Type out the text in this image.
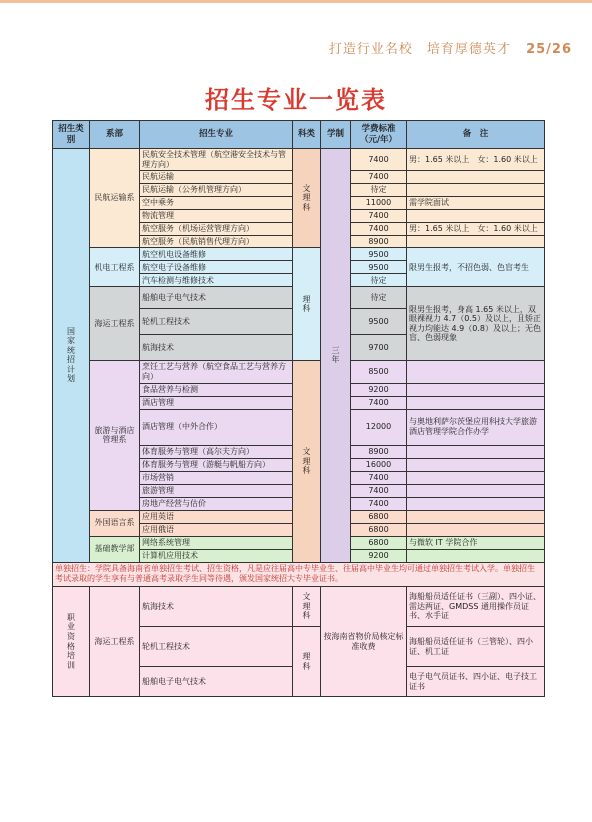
打造行业名校　培育厚德英才 25/26
招生专业一览表
招生类别	系部	招生专业	科类	学制	学费标准（元/年）	备　注
国家统招计划	民航运输系	民航安全技术管理（航空港安全技术与管理方向）	文理科	三　年	7400	男：1.65 米以上　女：1.60 米以上
		民航运输			7400	
		民航运输（公务机管理方向）			待定	
		空中乘务			11000	需学院面试
		物流管理			7400	
		航空服务（机场运营管理方向）			7400	男：1.65 米以上　女：1.60 米以上
		航空服务（民航销售代理方向）			8900	
	机电工程系	航空机电设备维修	理科		9500	限男生报考，不招色弱、色盲考生
		航空电子设备维修			9500	
		汽车检测与维修技术			待定	
	海运工程系	船舶电子电气技术			待定	限男生报考，身高 1.65 米以上，双眼裸视力 4.7（0.5）及以上，且矫正视力均能达 4.9（0.8）及以上；无色盲、色弱现象
		轮机工程技术			9500	
		航海技术			9700	
	旅游与酒店管理系	烹饪工艺与营养（航空食品工艺与营养方向）	文理科		8500	
		食品营养与检测			9200	
		酒店管理			7400	
		酒店管理（中外合作）			12000	与奥地利萨尔茨堡应用科技大学旅游酒店管理学院合作办学
		体育服务与管理（高尔夫方向）			8900	
		体育服务与管理（游艇与帆船方向）			16000	
		市场营销			7400	
		旅游管理			7400	
		房地产经营与估价			7400	
	外国语言系	应用英语			6800	
		应用俄语			6800	
	基础教学部	网络系统管理			6800	与微软 IT 学院合作
		计算机应用技术			9200	
单独招生：学院具备海南省单独招生考试、招生资格，凡是应往届高中专毕业生、往届高中毕业生均可通过单独招生考试入学。单独招生考试录取的学生享有与普通高考录取学生同等待遇，颁发国家统招大专毕业证书。						
职业资格培训	海运工程系	航海技术	文理科	按海南省物价局核定标准收费		海船船员适任证书（三副）、四小证、雷达两证、GMDSS 通用操作员证书、水手证
		轮机工程技术	理科			海船船员适任证书（三管轮）、四小证、机工证
		船舶电子电气技术				电子电气员证书、四小证、电子技工证书
